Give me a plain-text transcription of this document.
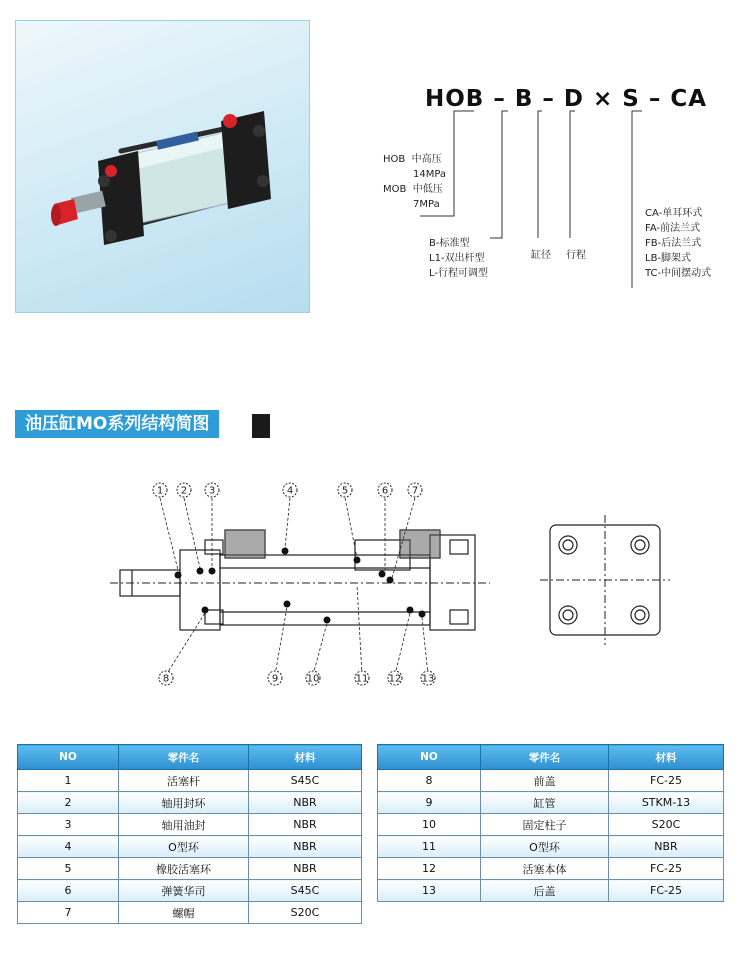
HOB – B – D × S – CA
HOB  中高压
14MPa
MOB  中低压
7MPa
B-标准型
L1-双出杆型
L-行程可调型
缸径 行程
CA-单耳环式
FA-前法兰式
FB-后法兰式
LB-脚架式
TC-中间摆动式
油压缸MO系列结构简图
1 2 3	4	5	6 7
8	9	10	11 12 13
NO	零件名	材料
1	活塞杆	S45C
2	轴用封环	NBR
3	轴用油封	NBR
4	O型环	NBR
5	橡胶活塞环	NBR
6	弹簧华司	S45C
7	螺帽	S20C
NO	零件名	材料
8	前盖	FC-25
9	缸管	STKM-13
10	固定柱子	S20C
11	O型环	NBR
12	活塞本体	FC-25
13	后盖	FC-25
